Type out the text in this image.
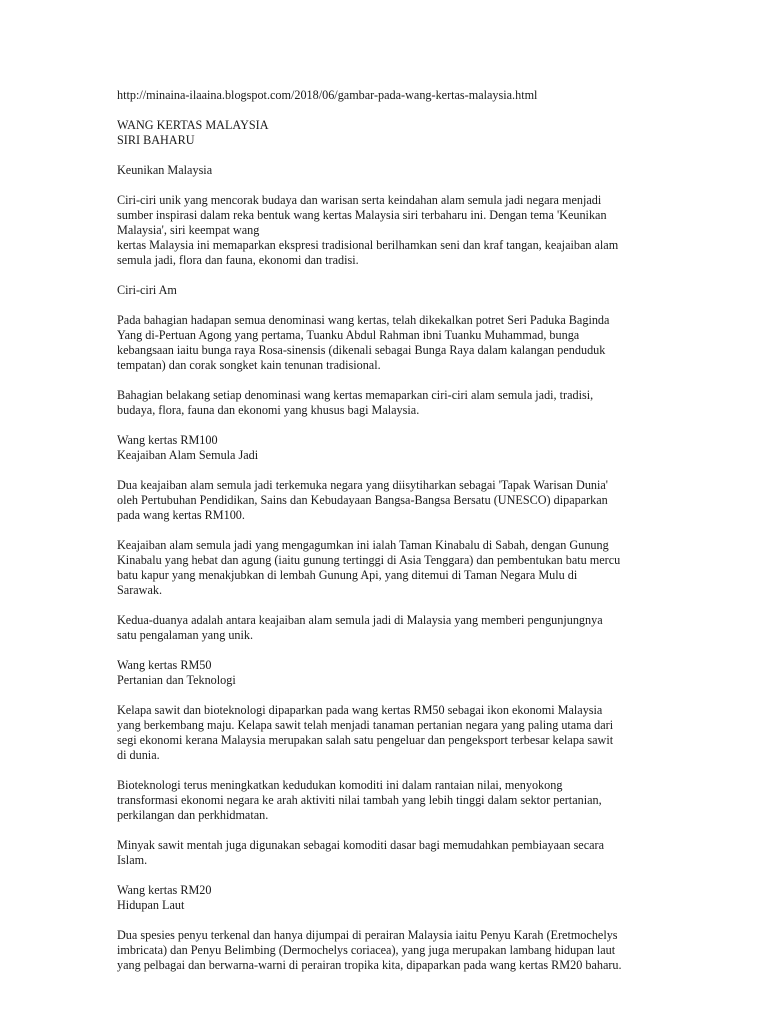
http://minaina-ilaaina.blogspot.com/2018/06/gambar-pada-wang-kertas-malaysia.html
WANG KERTAS MALAYSIA
SIRI BAHARU
Keunikan Malaysia
Ciri-ciri unik yang mencorak budaya dan warisan serta keindahan alam semula jadi negara menjadi
sumber inspirasi dalam reka bentuk wang kertas Malaysia siri terbaharu ini. Dengan tema 'Keunikan
Malaysia', siri keempat wang
kertas Malaysia ini memaparkan ekspresi tradisional berilhamkan seni dan kraf tangan, keajaiban alam
semula jadi, flora dan fauna, ekonomi dan tradisi.
Ciri-ciri Am
Pada bahagian hadapan semua denominasi wang kertas, telah dikekalkan potret Seri Paduka Baginda
Yang di-Pertuan Agong yang pertama, Tuanku Abdul Rahman ibni Tuanku Muhammad, bunga
kebangsaan iaitu bunga raya Rosa-sinensis (dikenali sebagai Bunga Raya dalam kalangan penduduk
tempatan) dan corak songket kain tenunan tradisional.
Bahagian belakang setiap denominasi wang kertas memaparkan ciri-ciri alam semula jadi, tradisi,
budaya, flora, fauna dan ekonomi yang khusus bagi Malaysia.
Wang kertas RM100
Keajaiban Alam Semula Jadi
Dua keajaiban alam semula jadi terkemuka negara yang diisytiharkan sebagai 'Tapak Warisan Dunia'
oleh Pertubuhan Pendidikan, Sains dan Kebudayaan Bangsa-Bangsa Bersatu (UNESCO) dipaparkan
pada wang kertas RM100.
Keajaiban alam semula jadi yang mengagumkan ini ialah Taman Kinabalu di Sabah, dengan Gunung
Kinabalu yang hebat dan agung (iaitu gunung tertinggi di Asia Tenggara) dan pembentukan batu mercu
batu kapur yang menakjubkan di lembah Gunung Api, yang ditemui di Taman Negara Mulu di
Sarawak.
Kedua-duanya adalah antara keajaiban alam semula jadi di Malaysia yang memberi pengunjungnya
satu pengalaman yang unik.
Wang kertas RM50
Pertanian dan Teknologi
Kelapa sawit dan bioteknologi dipaparkan pada wang kertas RM50 sebagai ikon ekonomi Malaysia
yang berkembang maju. Kelapa sawit telah menjadi tanaman pertanian negara yang paling utama dari
segi ekonomi kerana Malaysia merupakan salah satu pengeluar dan pengeksport terbesar kelapa sawit
di dunia.
Bioteknologi terus meningkatkan kedudukan komoditi ini dalam rantaian nilai, menyokong
transformasi ekonomi negara ke arah aktiviti nilai tambah yang lebih tinggi dalam sektor pertanian,
perkilangan dan perkhidmatan.
Minyak sawit mentah juga digunakan sebagai komoditi dasar bagi memudahkan pembiayaan secara
Islam.
Wang kertas RM20
Hidupan Laut
Dua spesies penyu terkenal dan hanya dijumpai di perairan Malaysia iaitu Penyu Karah (Eretmochelys
imbricata) dan Penyu Belimbing (Dermochelys coriacea), yang juga merupakan lambang hidupan laut
yang pelbagai dan berwarna-warni di perairan tropika kita, dipaparkan pada wang kertas RM20 baharu.
